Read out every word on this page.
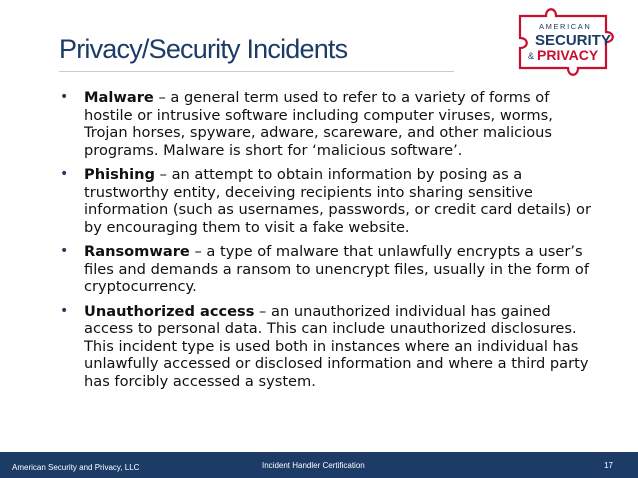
Privacy/Security Incidents
AMERICAN
SECURITY
& PRIVACY
• Malware – a general term used to refer to a variety of forms of hostile or intrusive software including computer viruses, worms, Trojan horses, spyware, adware, scareware, and other malicious programs. Malware is short for ‘malicious software’.
• Phishing – an attempt to obtain information by posing as a trustworthy entity, deceiving recipients into sharing sensitive information (such as usernames, passwords, or credit card details) or by encouraging them to visit a fake website.
• Ransomware – a type of malware that unlawfully encrypts a user’s files and demands a ransom to unencrypt files, usually in the form of cryptocurrency.
• Unauthorized access – an unauthorized individual has gained access to personal data. This can include unauthorized disclosures. This incident type is used both in instances where an individual has unlawfully accessed or disclosed information and where a third party has forcibly accessed a system.
American Security and Privacy, LLC	Incident Handler Certification	17
